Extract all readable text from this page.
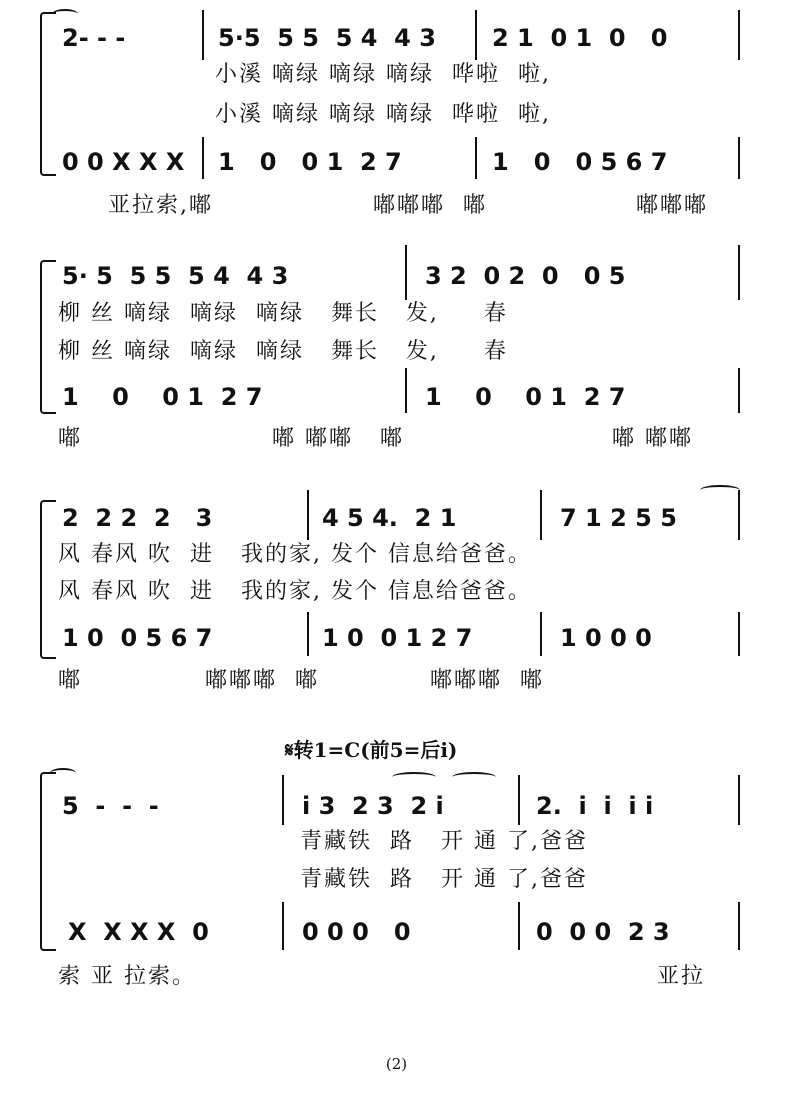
2- - -	5·5  5 5  5 4  4 3 2 1  0 1  0   0
小溪 嘀绿 嘀绿 嘀绿  哗啦  啦,
小溪 嘀绿 嘀绿 嘀绿  哗啦  啦,
0 0 X X X 1   0   0 1  2 7	1   0   0 5 6 7
亚拉索,嘟	嘟嘟嘟  嘟	嘟嘟嘟
5· 5  5 5  5 4  4 3	3 2  0 2  0   0 5
柳 丝 嘀绿  嘀绿  嘀绿   舞长   发,     春
柳 丝 嘀绿  嘀绿  嘀绿   舞长   发,     春
1    0    0 1  2 7	1    0    0 1  2 7
嘟	嘟 嘟嘟   嘟	嘟 嘟嘟
2  2 2  2   3	4 5 4.  2 1	7 1 2 5 5
风 春风 吹  进   我的家, 发个 信息给爸爸。
风 春风 吹  进   我的家, 发个 信息给爸爸。
1 0  0 5 6 7	1 0  0 1 2 7	1 0 0 0
嘟	嘟嘟嘟  嘟	嘟嘟嘟  嘟
𝄋转1=C(前5=后i)
5  -  -  -	i 3  2 3  2 i	2.  i  i  i i
青藏铁  路   开 通 了,爸爸
青藏铁  路   开 通 了,爸爸
X  X X X  0	0 0 0   0	0  0 0  2 3
索 亚 拉索。	亚拉
(2)
